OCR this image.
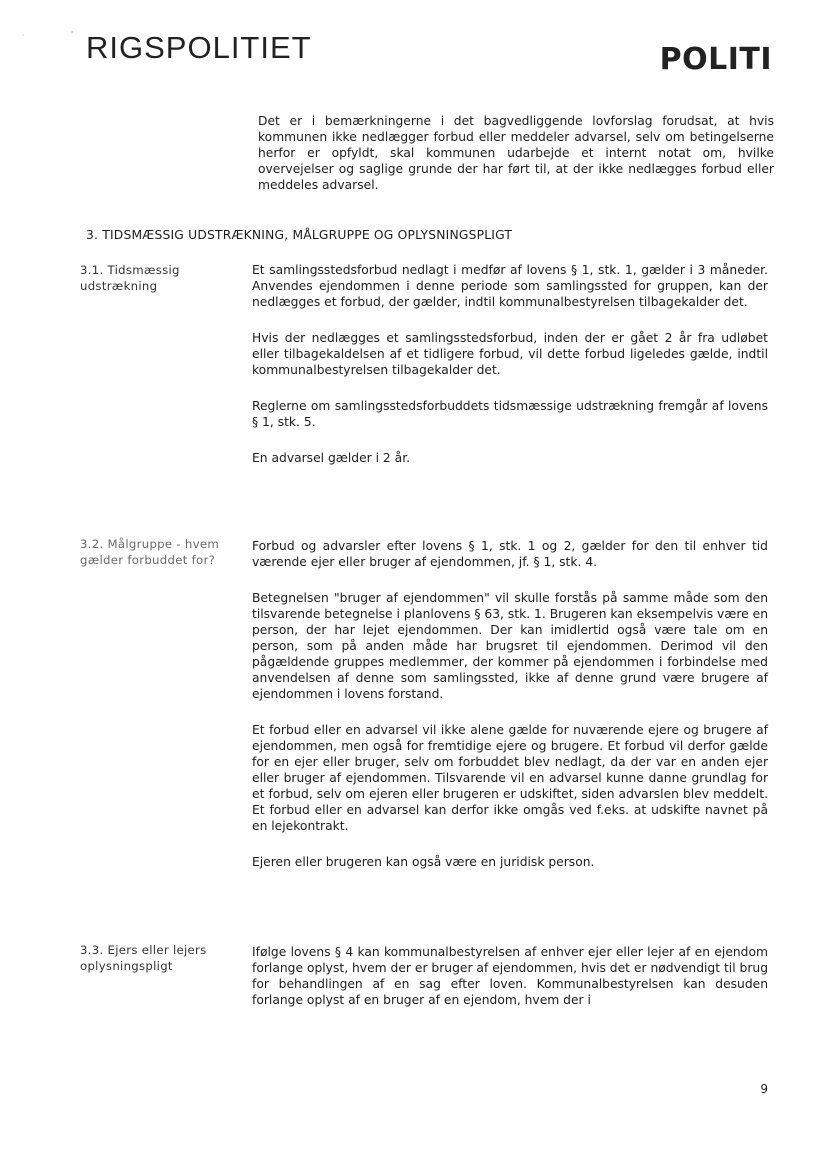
'	' RIGSPOLITIET	POLITI
Det er i bemærkningerne i det bagvedliggende lovforslag forudsat, at hvis kommunen ikke nedlægger forbud eller meddeler advarsel, selv om betingelserne herfor er opfyldt, skal kommunen udarbejde et internt notat om, hvilke overvejelser og saglige grunde der har ført til, at der ikke nedlægges forbud eller meddeles advarsel.
3. TIDSMÆSSIG UDSTRÆKNING, MÅLGRUPPE OG OPLYSNINGSPLIGT
3.1. Tidsmæssig udstrækning

Et samlingsstedsforbud nedlagt i medfør af lovens § 1, stk. 1, gælder i 3 måneder. Anvendes ejendommen i denne periode som samlingssted for gruppen, kan der nedlægges et forbud, der gælder, indtil kommunalbestyrelsen tilbagekalder det.

Hvis der nedlægges et samlingsstedsforbud, inden der er gået 2 år fra udløbet eller tilbagekaldelsen af et tidligere forbud, vil dette forbud ligeledes gælde, indtil kommunalbestyrelsen tilbagekalder det.

Reglerne om samlingsstedsforbuddets tidsmæssige udstrækning fremgår af lovens § 1, stk. 5.

En advarsel gælder i 2 år.

3.2. Målgruppe - hvem gælder forbuddet for?

Forbud og advarsler efter lovens § 1, stk. 1 og 2, gælder for den til enhver tid værende ejer eller bruger af ejendommen, jf. § 1, stk. 4.

Betegnelsen "bruger af ejendommen" vil skulle forstås på samme måde som den tilsvarende betegnelse i planlovens § 63, stk. 1. Brugeren kan eksempelvis være en person, der har lejet ejendommen. Der kan imidlertid også være tale om en person, som på anden måde har brugsret til ejendommen. Derimod vil den pågældende gruppes medlemmer, der kommer på ejendommen i forbindelse med anvendelsen af denne som samlingssted, ikke af denne grund være brugere af ejendommen i lovens forstand.

Et forbud eller en advarsel vil ikke alene gælde for nuværende ejere og brugere af ejendommen, men også for fremtidige ejere og brugere. Et forbud vil derfor gælde for en ejer eller bruger, selv om forbuddet blev nedlagt, da der var en anden ejer eller bruger af ejendommen. Tilsvarende vil en advarsel kunne danne grundlag for et forbud, selv om ejeren eller brugeren er udskiftet, siden advarslen blev meddelt. Et forbud eller en advarsel kan derfor ikke omgås ved f.eks. at udskifte navnet på en lejekontrakt.

Ejeren eller brugeren kan også være en juridisk person.

3.3. Ejers eller lejers oplysningspligt

Ifølge lovens § 4 kan kommunalbestyrelsen af enhver ejer eller lejer af en ejendom forlange oplyst, hvem der er bruger af ejendommen, hvis det er nødvendigt til brug for behandlingen af en sag efter loven. Kommunalbestyrelsen kan desuden forlange oplyst af en bruger af en ejendom, hvem der i

9
